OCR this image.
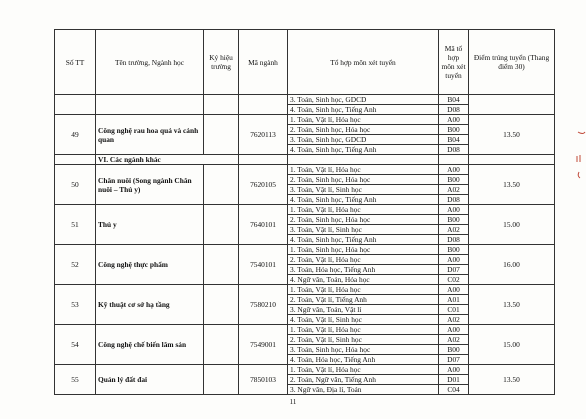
Số TT	Tên trường, Ngành học	Ký hiệu trường	Mã ngành	Tổ hợp môn xét tuyển	Mã tổ hợp môn xét tuyển	Điểm trúng tuyển (Thang điểm 30)
				3. Toán, Sinh học, GDCD	B04	
				4. Toán, Sinh học, Tiếng Anh	D08	
49	Công nghệ rau hoa quả và cảnh quan		7620113	1. Toán, Vật lí, Hóa học	A00	13.50
				2. Toán, Sinh học, Hóa học	B00	
				3. Toán, Sinh học, GDCD	B04	
				4. Toán, Sinh học, Tiếng Anh	D08	
	VI. Các ngành khác					
50	Chăn nuôi (Song ngành Chăn nuôi – Thú y)		7620105	1. Toán, Vật lí, Hóa học	A00	13.50
				2. Toán, Sinh học, Hóa học	B00	
				3. Toán, Vật lí, Sinh học	A02	
				4. Toán, Sinh học, Tiếng Anh	D08	
51	Thú y		7640101	1. Toán, Vật lí, Hóa học	A00	15.00
				2. Toán, Sinh học, Hóa học	B00	
				3. Toán, Vật lí, Sinh học	A02	
				4. Toán, Sinh học, Tiếng Anh	D08	
52	Công nghệ thực phẩm		7540101	1. Toán, Sinh học, Hóa học	B00	16.00
				2. Toán, Vật lí, Hóa học	A00	
				3. Toán, Hóa học, Tiếng Anh	D07	
				4. Ngữ văn, Toán, Hóa học	C02	
53	Kỹ thuật cơ sở hạ tầng		7580210	1. Toán, Vật lí, Hóa học	A00	13.50
				2. Toán, Vật lí, Tiếng Anh	A01	
				3. Ngữ văn, Toán, Vật lí	C01	
				4. Toán, Vật lí, Sinh học	A02	
54	Công nghệ chế biến lâm sản		7549001	1. Toán, Vật lí, Hóa học	A00	15.00
				2. Toán, Vật lí, Sinh học	A02	
				3. Toán, Sinh học, Hóa học	B00	
				4. Toán, Hóa học, Tiếng Anh	D07	
55	Quản lý đất đai		7850103	1. Toán, Vật lí, Hóa học	A00	13.50
				2. Toán, Ngữ văn, Tiếng Anh	D01	
				3. Ngữ văn, Địa lí, Toán	C04	
11
